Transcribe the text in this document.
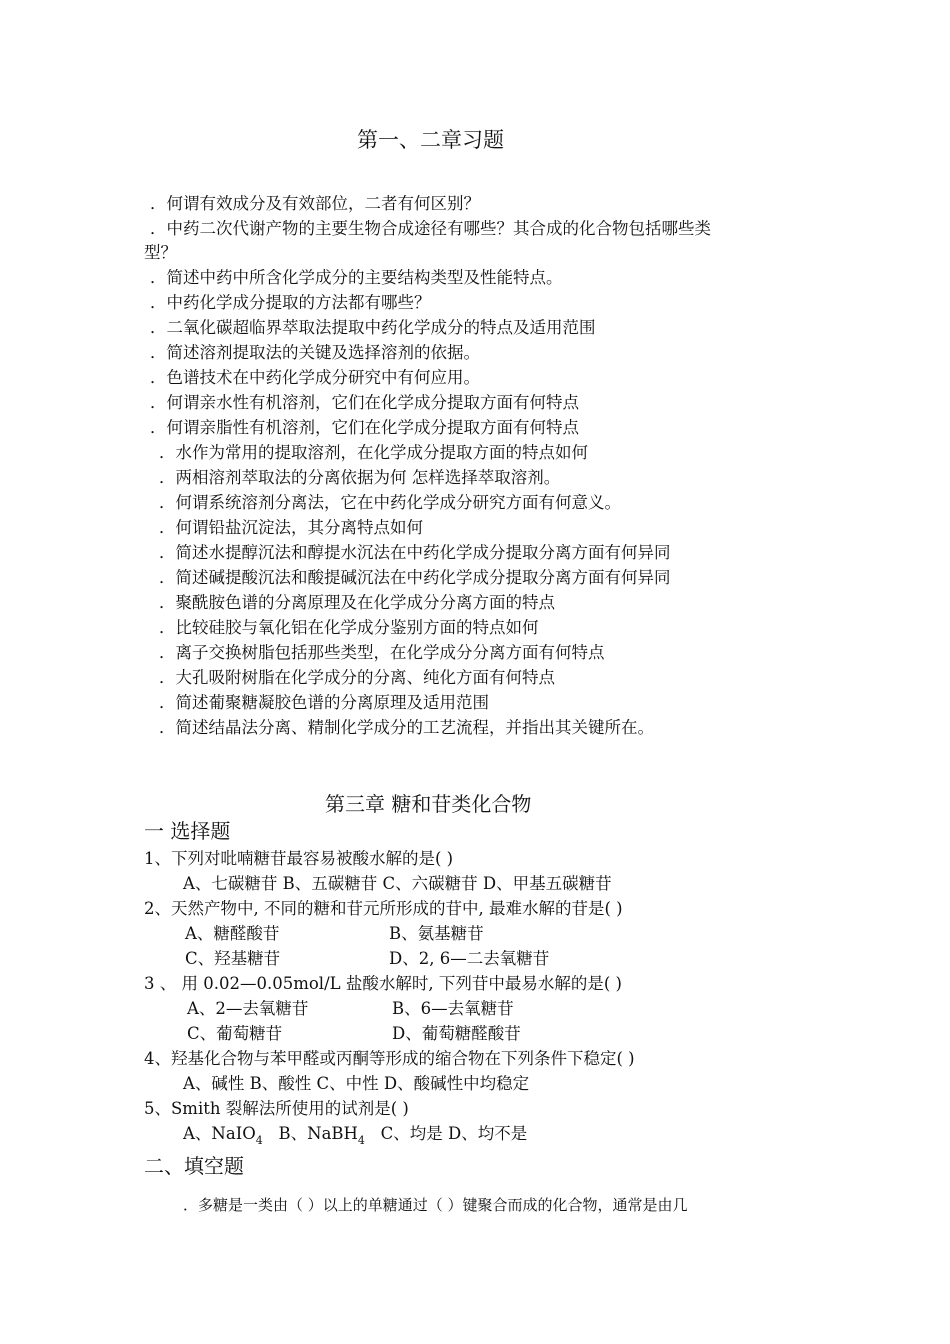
第一、二章习题
．何谓有效成分及有效部位，二者有何区别？
．中药二次代谢产物的主要生物合成途径有哪些？其合成的化合物包括哪些类
型？
．简述中药中所含化学成分的主要结构类型及性能特点。
．中药化学成分提取的方法都有哪些？
．二氧化碳超临界萃取法提取中药化学成分的特点及适用范围
．简述溶剂提取法的关键及选择溶剂的依据。
．色谱技术在中药化学成分研究中有何应用。
．何谓亲水性有机溶剂，它们在化学成分提取方面有何特点
．何谓亲脂性有机溶剂，它们在化学成分提取方面有何特点
．水作为常用的提取溶剂，在化学成分提取方面的特点如何
．两相溶剂萃取法的分离依据为何 怎样选择萃取溶剂。
．何谓系统溶剂分离法，它在中药化学成分研究方面有何意义。
．何谓铅盐沉淀法，其分离特点如何
．简述水提醇沉法和醇提水沉法在中药化学成分提取分离方面有何异同
．简述碱提酸沉法和酸提碱沉法在中药化学成分提取分离方面有何异同
．聚酰胺色谱的分离原理及在化学成分分离方面的特点
．比较硅胶与氧化铝在化学成分鉴别方面的特点如何
．离子交换树脂包括那些类型，在化学成分分离方面有何特点
．大孔吸附树脂在化学成分的分离、纯化方面有何特点
．简述葡聚糖凝胶色谱的分离原理及适用范围
．简述结晶法分离、精制化学成分的工艺流程，并指出其关键所在。
第三章 糖和苷类化合物
一 选择题
1、下列对吡喃糖苷最容易被酸水解的是( )
A、七碳糖苷 B、五碳糖苷 C、六碳糖苷 D、甲基五碳糖苷
2、天然产物中, 不同的糖和苷元所形成的苷中, 最难水解的苷是( )
A、糖醛酸苷	B、氨基糖苷
C、羟基糖苷	D、2, 6—二去氧糖苷
3 、 用 0.02—0.05mol/L 盐酸水解时, 下列苷中最易水解的是( )
A、2—去氧糖苷	B、6—去氧糖苷
C、葡萄糖苷	D、葡萄糖醛酸苷
4、羟基化合物与苯甲醛或丙酮等形成的缩合物在下列条件下稳定( )
A、碱性 B、酸性 C、中性 D、酸碱性中均稳定
5、Smith 裂解法所使用的试剂是( )
A、NaIO$_4$ B、NaBH$_4$ C、均是 D、均不是
二、填空题
．多糖是一类由（ ）以上的单糖通过（ ）键聚合而成的化合物，通常是由几
